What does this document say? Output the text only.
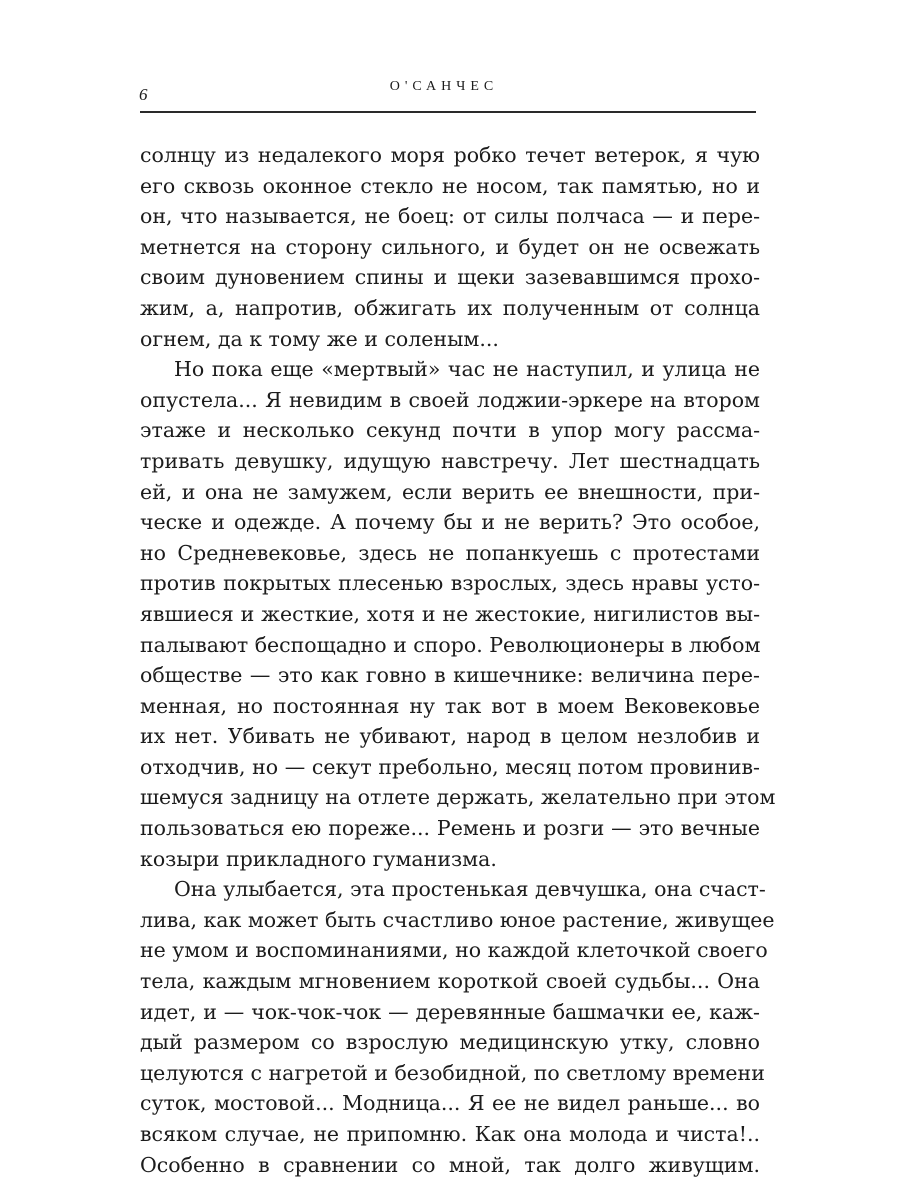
6	О'САНЧЕС
солнцу из недалекого моря робко течет ветерок, я чую
его сквозь оконное стекло не носом, так памятью, но и
он, что называется, не боец: от силы полчаса — и пере-
метнется на сторону сильного, и будет он не освежать
своим дуновением спины и щеки зазевавшимся прохо-
жим, а, напротив, обжигать их полученным от солнца
огнем, да к тому же и соленым...
Но пока еще «мертвый» час не наступил, и улица не
опустела... Я невидим в своей лоджии-эркере на втором
этаже и несколько секунд почти в упор могу рассма-
тривать девушку, идущую навстречу. Лет шестнадцать
ей, и она не замужем, если верить ее внешности, при-
ческе и одежде. А почему бы и не верить? Это особое,
но Средневековье, здесь не попанкуешь с протестами
против покрытых плесенью взрослых, здесь нравы усто-
явшиеся и жесткие, хотя и не жестокие, нигилистов вы-
палывают беспощадно и споро. Революционеры в любом
обществе — это как говно в кишечнике: величина пере-
менная, но постоянная ну так вот в моем Вековековье
их нет. Убивать не убивают, народ в целом незлобив и
отходчив, но — секут пребольно, месяц потом провинив-
шемуся задницу на отлете держать, желательно при этом
пользоваться ею пореже... Ремень и розги — это вечные
козыри прикладного гуманизма.
Она улыбается, эта простенькая девчушка, она счаст-
лива, как может быть счастливо юное растение, живущее
не умом и воспоминаниями, но каждой клеточкой своего
тела, каждым мгновением короткой своей судьбы... Она
идет, и — чок-чок-чок — деревянные башмачки ее, каж-
дый размером со взрослую медицинскую утку, словно
целуются с нагретой и безобидной, по светлому времени
суток, мостовой... Модница... Я ее не видел раньше... во
всяком случае, не припомню. Как она молода и чиста!..
Особенно в сравнении со мной, так долго живущим.
